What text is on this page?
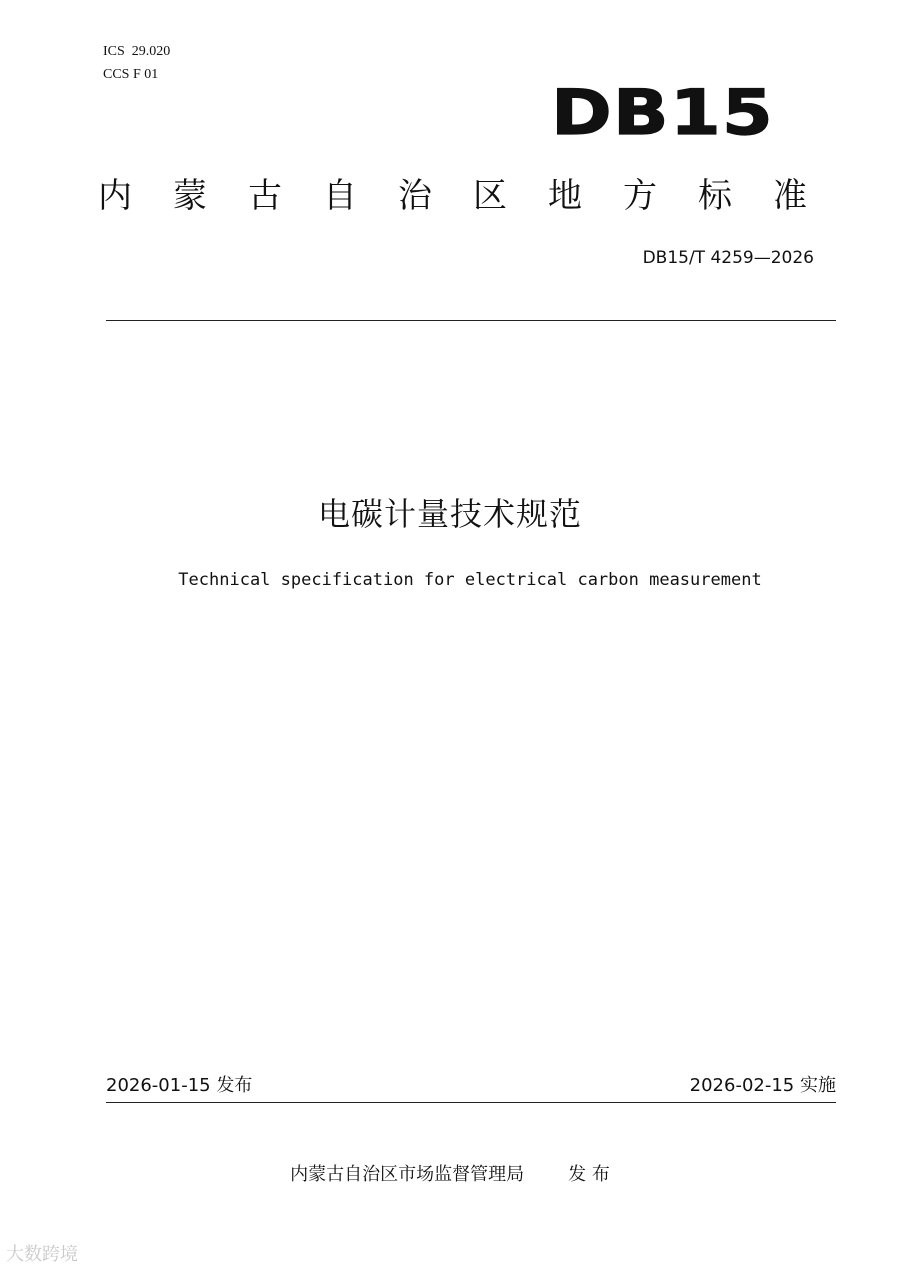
ICS  29.020
CCS F 01
DB15
内蒙古自治区地方标准
DB15/T 4259—2026
电碳计量技术规范
Technical specification for electrical carbon measurement
2026-01-15 发布	2026-02-15 实施
内蒙古自治区市场监督管理局 发 布
大数跨境
